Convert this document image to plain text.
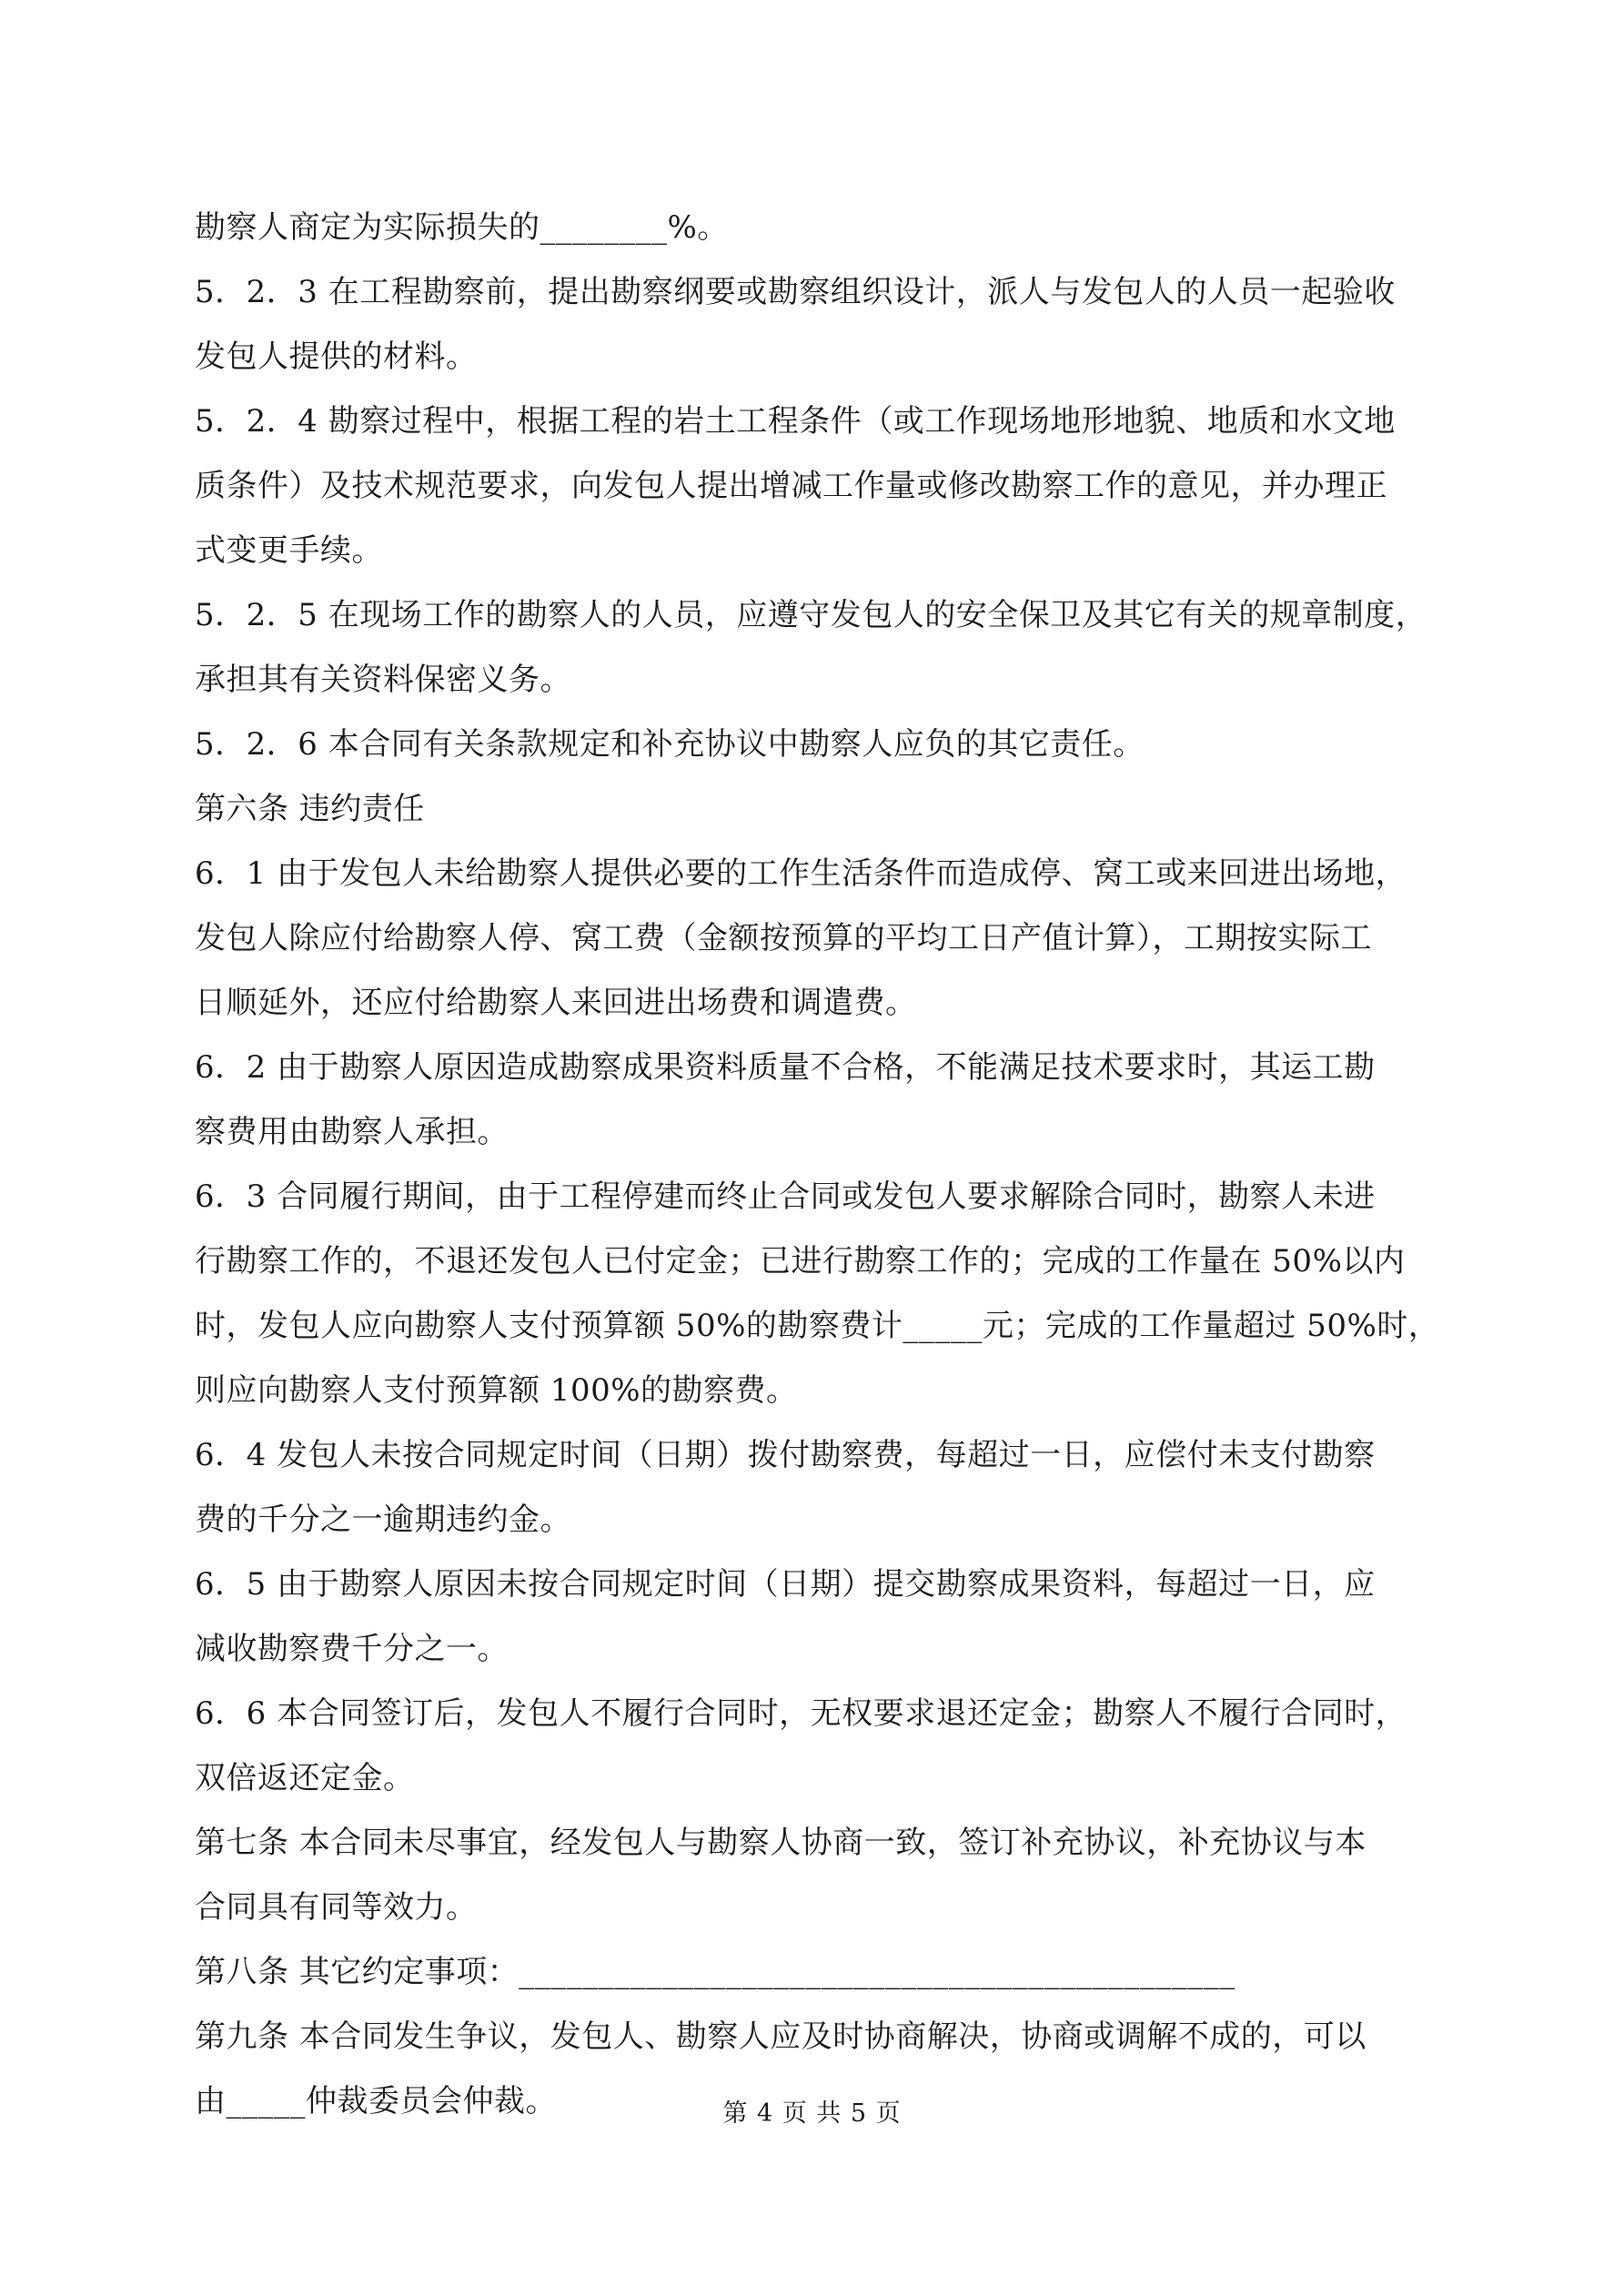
勘察人商定为实际损失的________%。
5．2．3 在工程勘察前，提出勘察纲要或勘察组织设计，派人与发包人的人员一起验收
发包人提供的材料。
5．2．4 勘察过程中，根据工程的岩土工程条件（或工作现场地形地貌、地质和水文地
质条件）及技术规范要求，向发包人提出增减工作量或修改勘察工作的意见，并办理正
式变更手续。
5．2．5 在现场工作的勘察人的人员，应遵守发包人的安全保卫及其它有关的规章制度，
承担其有关资料保密义务。
5．2．6 本合同有关条款规定和补充协议中勘察人应负的其它责任。
第六条 违约责任
6．1 由于发包人未给勘察人提供必要的工作生活条件而造成停、窝工或来回进出场地，
发包人除应付给勘察人停、窝工费（金额按预算的平均工日产值计算），工期按实际工
日顺延外，还应付给勘察人来回进出场费和调遣费。
6．2 由于勘察人原因造成勘察成果资料质量不合格，不能满足技术要求时，其运工勘
察费用由勘察人承担。
6．3 合同履行期间，由于工程停建而终止合同或发包人要求解除合同时，勘察人未进
行勘察工作的，不退还发包人已付定金；已进行勘察工作的；完成的工作量在 50%以内
时，发包人应向勘察人支付预算额 50%的勘察费计_____元；完成的工作量超过 50%时，
则应向勘察人支付预算额 100%的勘察费。
6．4 发包人未按合同规定时间（日期）拨付勘察费，每超过一日，应偿付未支付勘察
费的千分之一逾期违约金。
6．5 由于勘察人原因未按合同规定时间（日期）提交勘察成果资料，每超过一日，应
减收勘察费千分之一。
6．6 本合同签订后，发包人不履行合同时，无权要求退还定金；勘察人不履行合同时，
双倍返还定金。
第七条 本合同未尽事宜，经发包人与勘察人协商一致，签订补充协议，补充协议与本
合同具有同等效力。
第八条 其它约定事项：_____________________________________________
第九条 本合同发生争议，发包人、勘察人应及时协商解决，协商或调解不成的，可以
由_____仲裁委员会仲裁。	第 4 页 共 5 页
